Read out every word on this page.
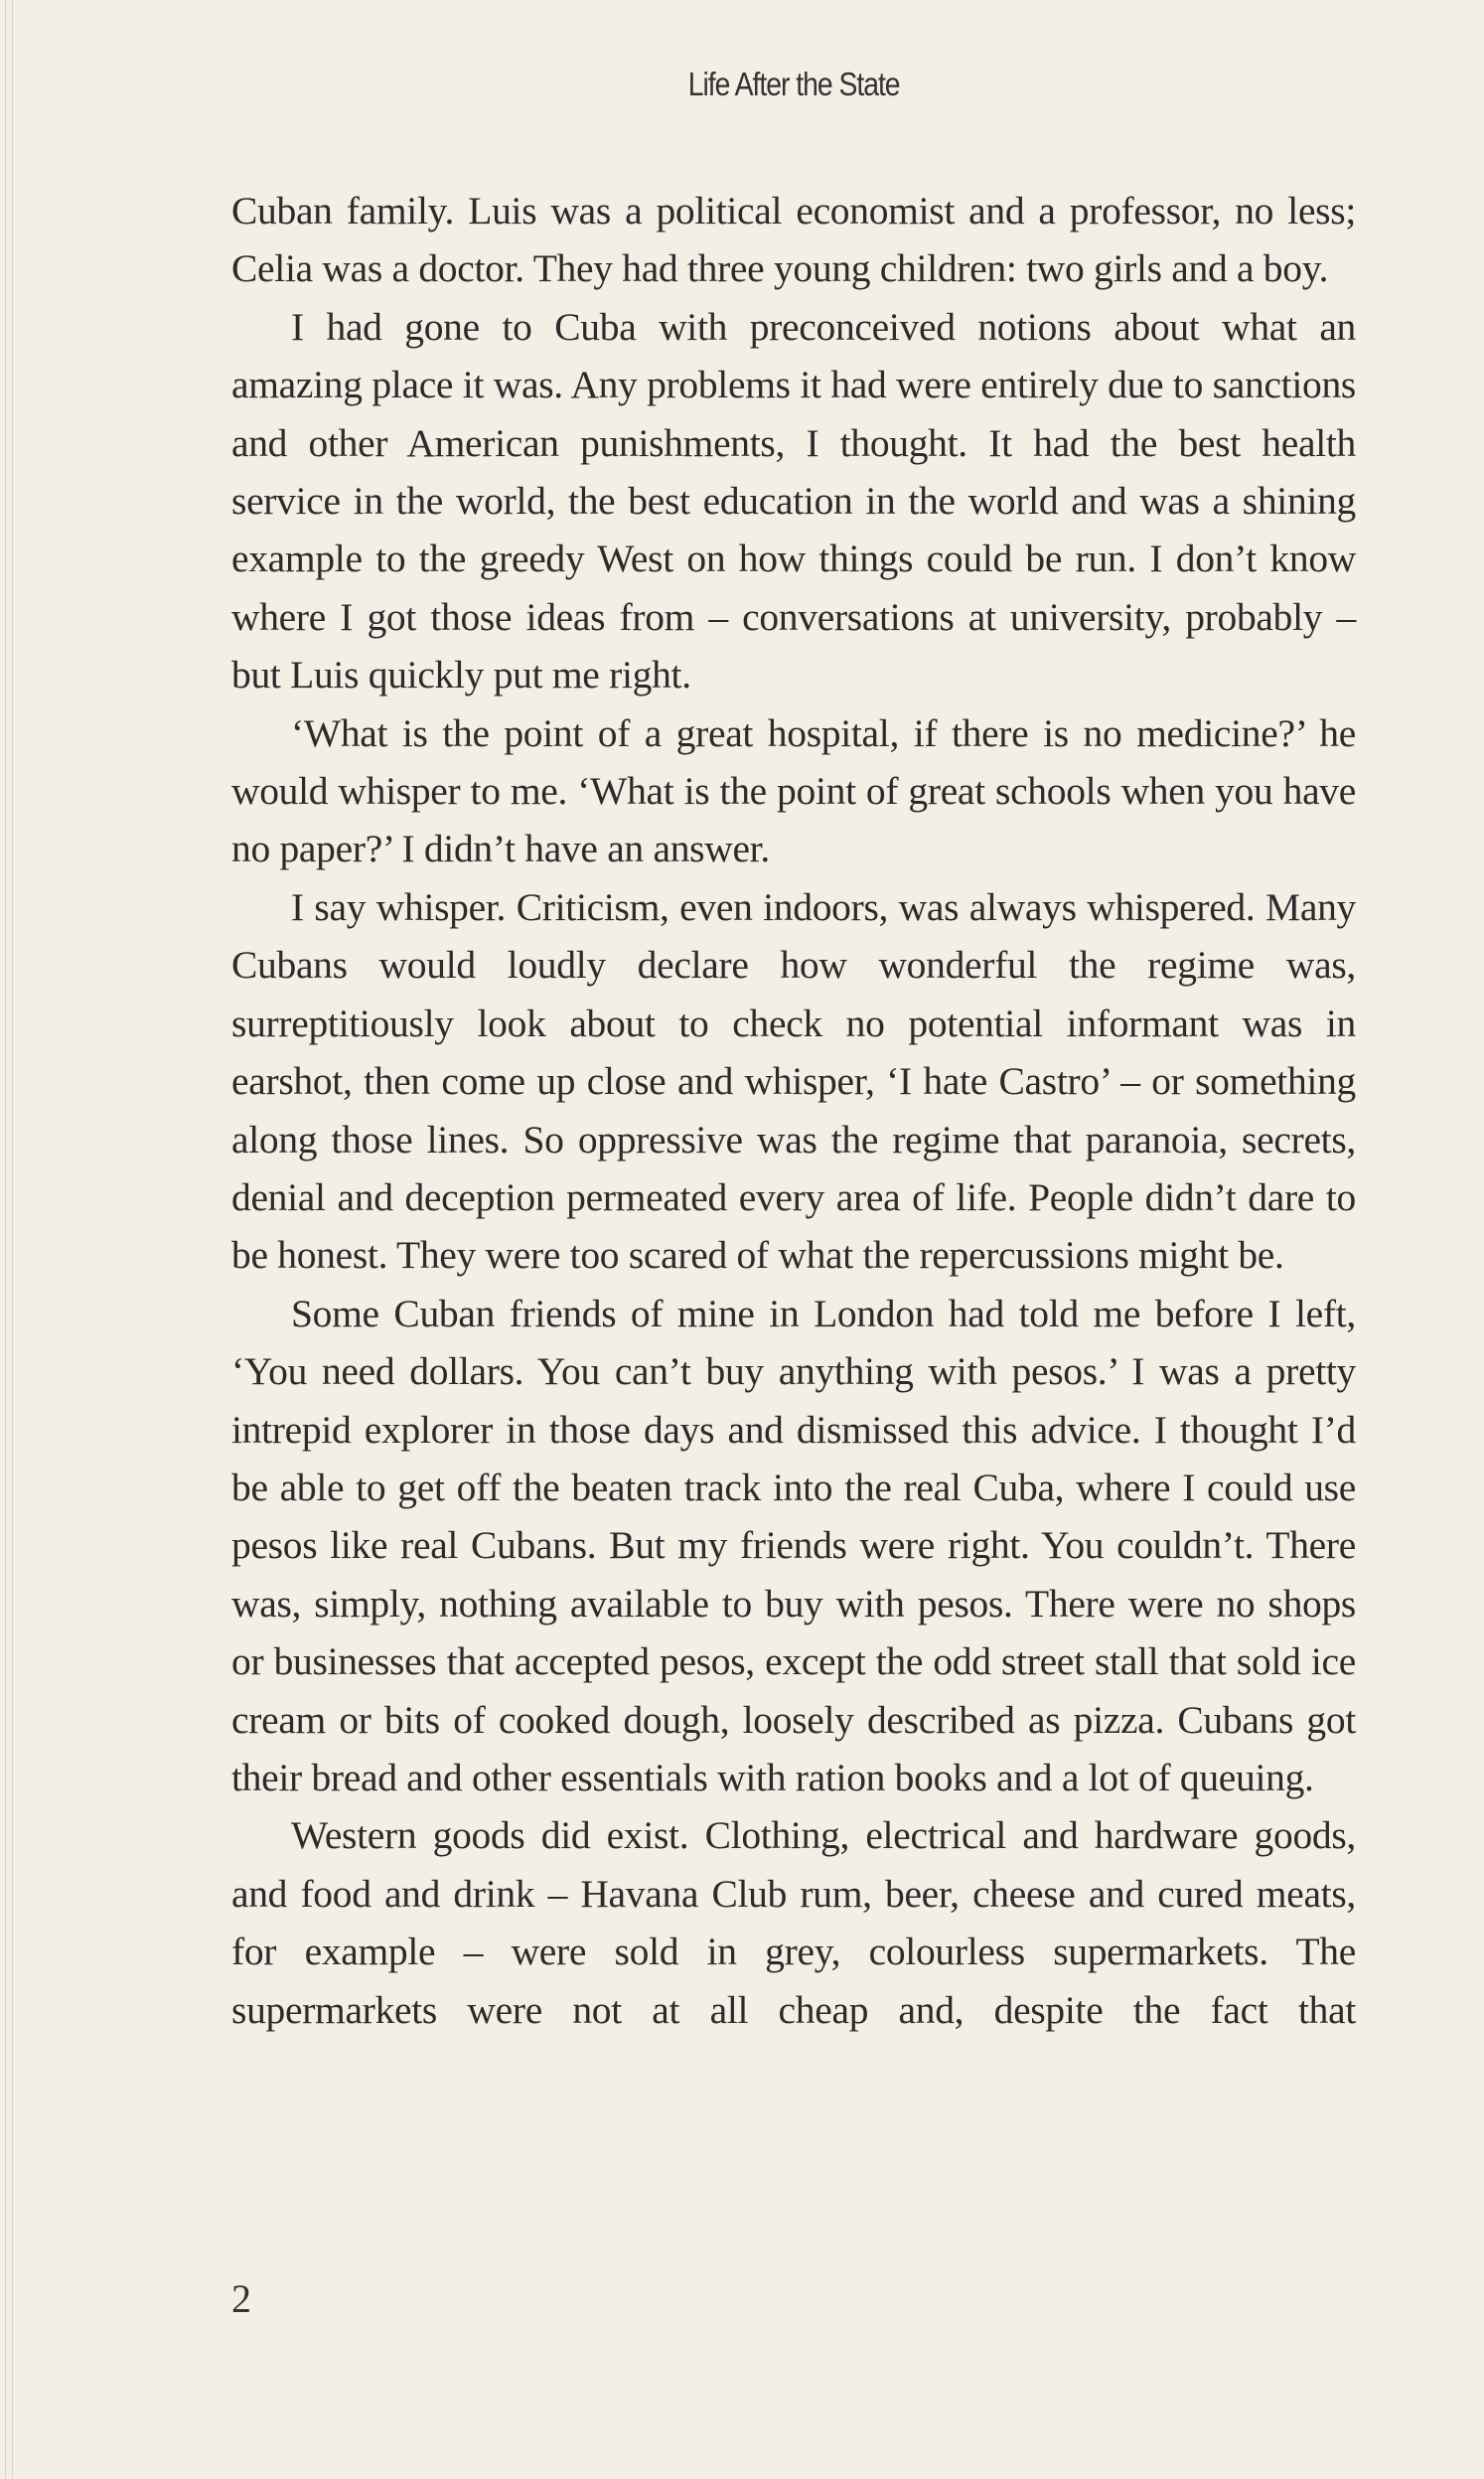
Life After the State

Cuban family. Luis was a political economist and a professor, no less; Celia was a doctor. They had three young children: two girls and a boy.

I had gone to Cuba with preconceived notions about what an amazing place it was. Any problems it had were entirely due to sanctions and other American punishments, I thought. It had the best health service in the world, the best education in the world and was a shining example to the greedy West on how things could be run. I don’t know where I got those ideas from – conversations at university, probably – but Luis quickly put me right.

‘What is the point of a great hospital, if there is no medicine?’ he would whisper to me. ‘What is the point of great schools when you have no paper?’ I didn’t have an answer.

I say whisper. Criticism, even indoors, was always whispered. Many Cubans would loudly declare how wonderful the regime was, surreptitiously look about to check no potential informant was in earshot, then come up close and whisper, ‘I hate Castro’ – or something along those lines. So oppressive was the regime that paranoia, secrets, denial and deception permeated every area of life. People didn’t dare to be honest. They were too scared of what the repercussions might be.

Some Cuban friends of mine in London had told me before I left, ‘You need dollars. You can’t buy anything with pesos.’ I was a pretty intrepid explorer in those days and dismissed this advice. I thought I’d be able to get off the beaten track into the real Cuba, where I could use pesos like real Cubans. But my friends were right. You couldn’t. There was, simply, nothing available to buy with pesos. There were no shops or businesses that accepted pesos, except the odd street stall that sold ice cream or bits of cooked dough, loosely described as pizza. Cubans got their bread and other essentials with ration books and a lot of queuing.

Western goods did exist. Clothing, electrical and hardware goods, and food and drink – Havana Club rum, beer, cheese and cured meats, for example – were sold in grey, colourless supermarkets. The supermarkets were not at all cheap and, despite the fact that

2
